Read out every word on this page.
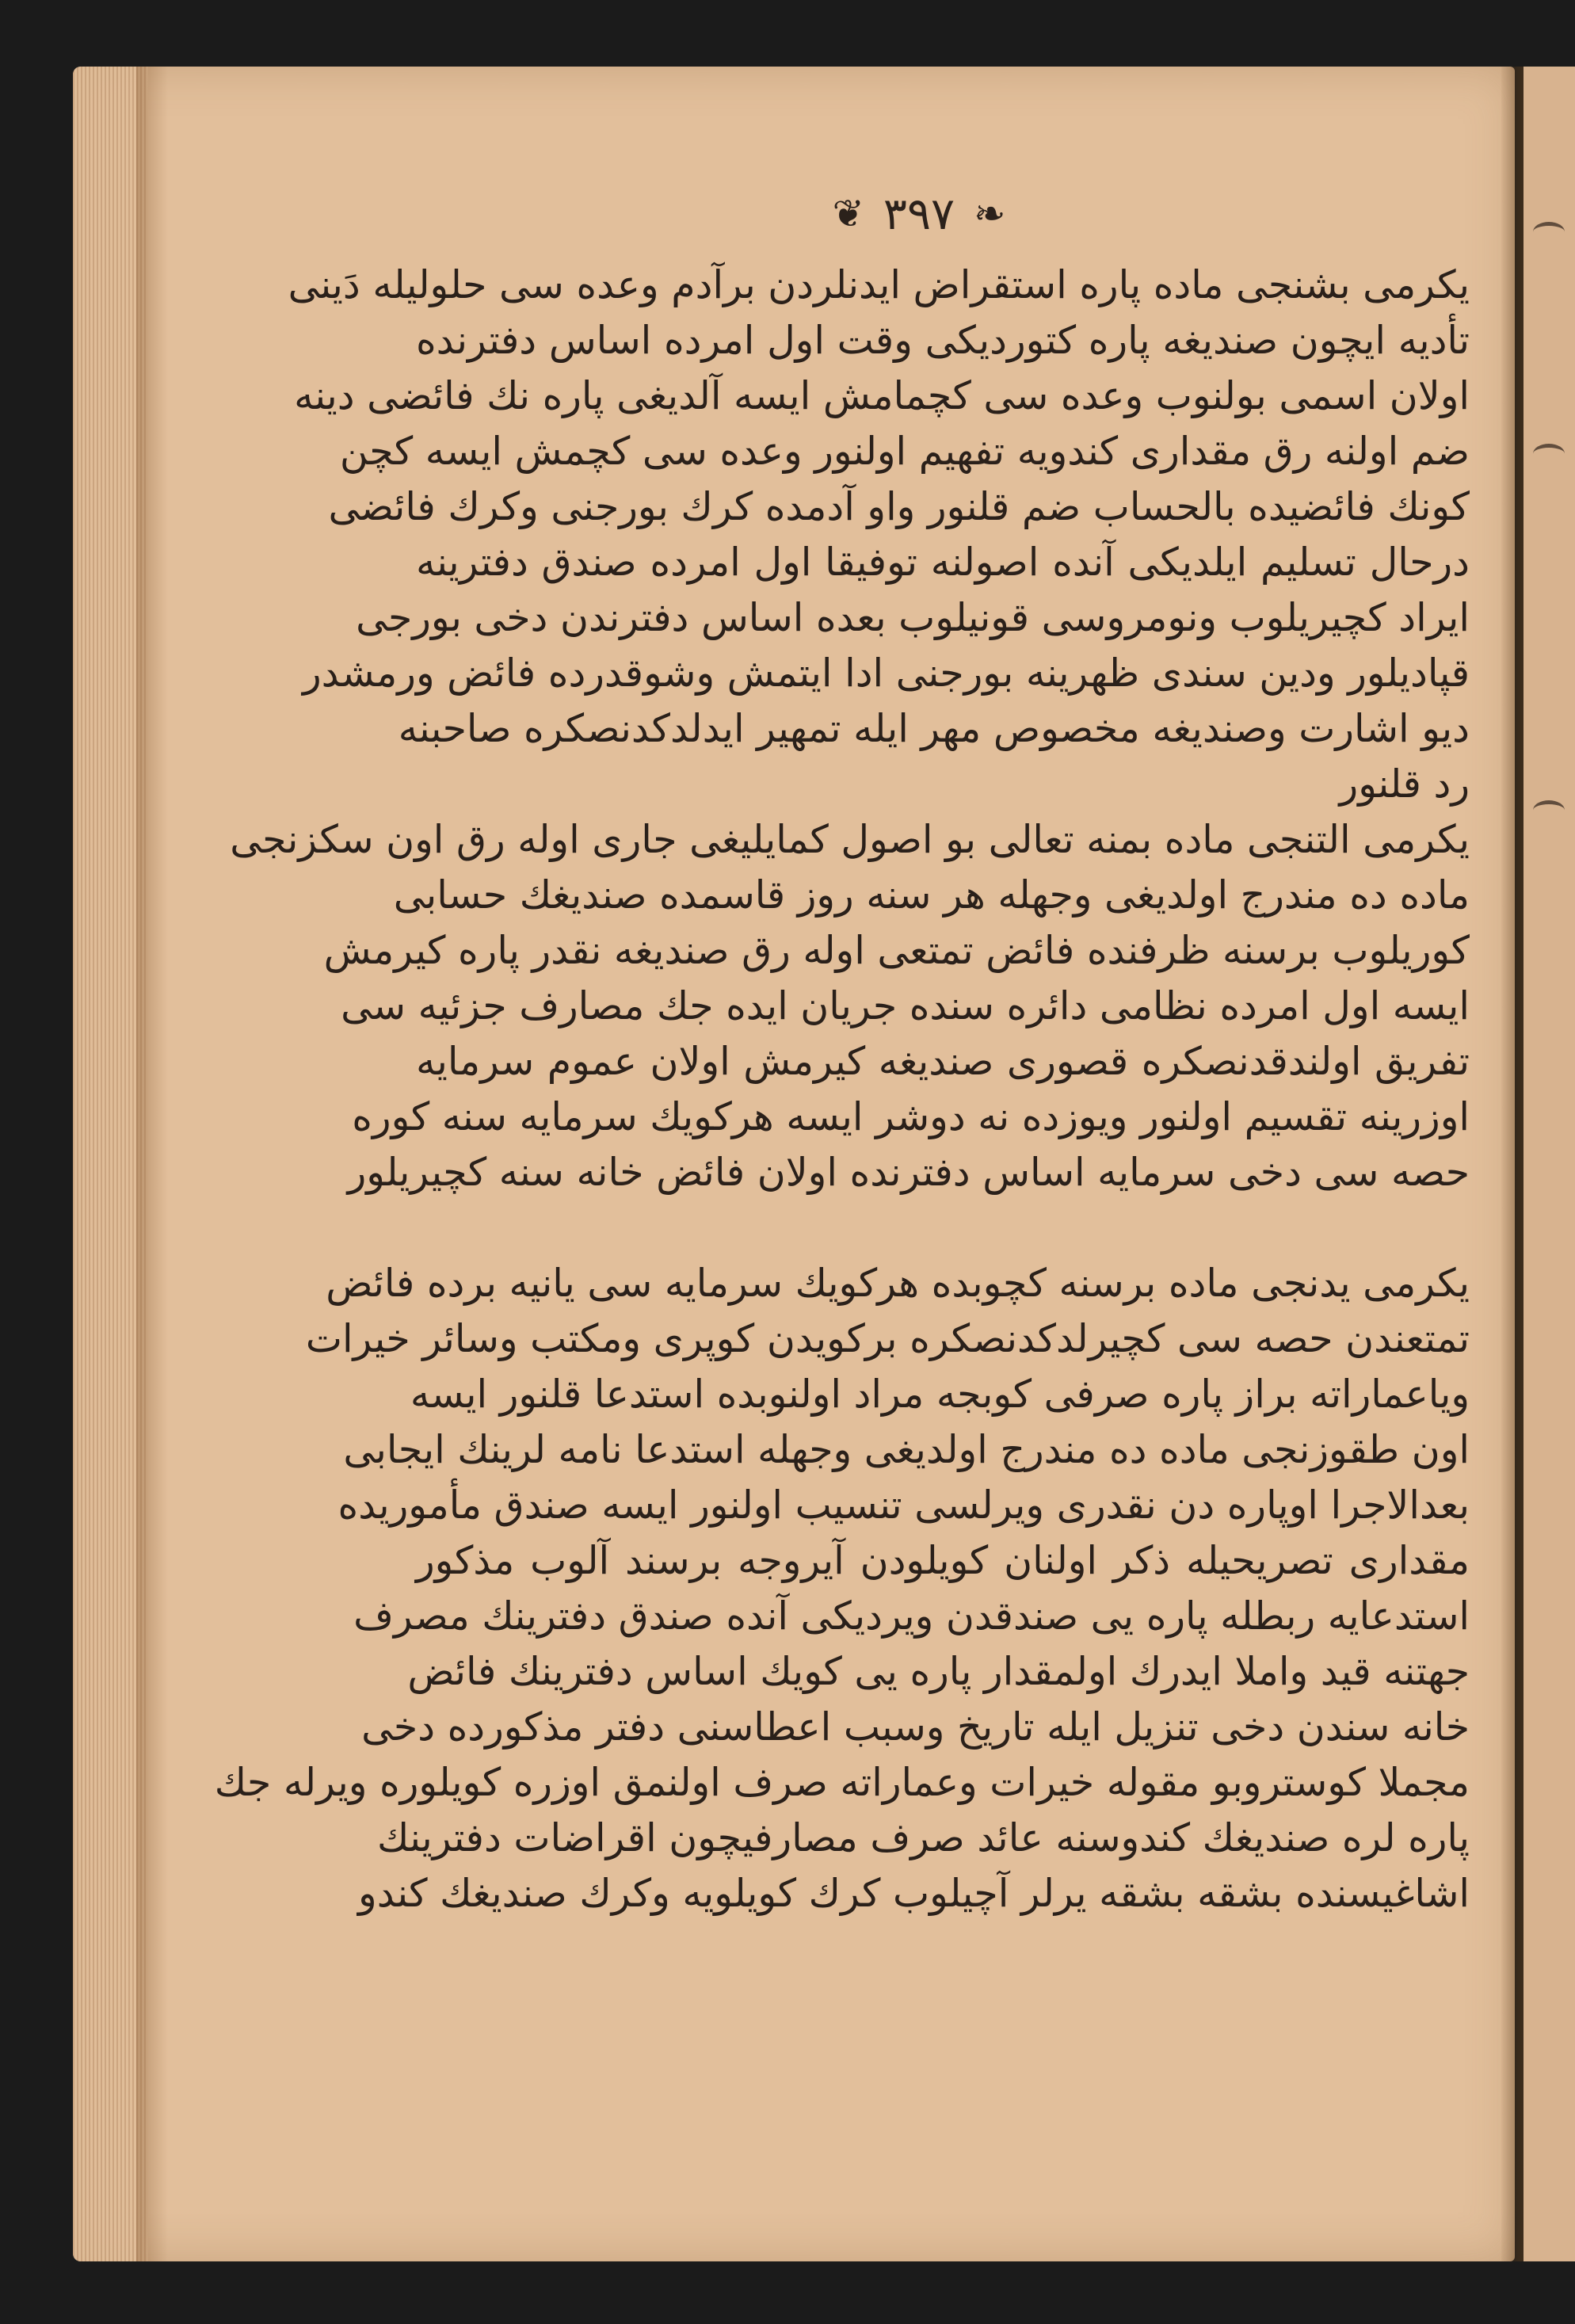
❦ ٣٩٧ ❧
یکرمی بشنجی ماده پاره استقراض ایدنلردن برآدم وعده سی حلولیله دَینی
تأدیه ایچون صندیغه پاره کتوردیکی وقت اول امرده اساس دفترنده
اولان اسمی بولنوب وعده سی کچمامش ایسه آلدیغی پاره نك فائضی دینه
ضم اولنه رق مقداری کندویه تفهیم اولنور وعده سی کچمش ایسه کچن
کونك فائضیده بالحساب ضم قلنور واو آدمده کرك بورجنی وکرك فائضی
درحال تسلیم ایلدیکی آنده اصولنه توفیقا اول امرده صندق دفترینه
ایراد کچیریلوب ونومروسی قونیلوب بعده اساس دفترندن دخی بورجی
قپادیلور ودین سندی ظهرینه بورجنی ادا ایتمش وشوقدرده فائض ورمشدر
دیو اشارت وصندیغه مخصوص مهر ایله تمهیر ایدلدکدنصکره صاحبنه
رد قلنور
یکرمی التنجی ماده بمنه تعالی بو اصول کمایلیغی جاری اوله رق اون سکزنجی
ماده ده مندرج اولدیغی وجهله هر سنه روز قاسمده صندیغك حسابی
کوریلوب برسنه ظرفنده فائض تمتعی اوله رق صندیغه نقدر پاره کیرمش
ایسه اول امرده نظامی دائره سنده جریان ایده جك مصارف جزئیه سی
تفریق اولندقدنصکره قصوری صندیغه کیرمش اولان عموم سرمایه
اوزرینه تقسیم اولنور ویوزده نه دوشر ایسه هرکویك سرمایه سنه کوره
حصه سی دخی سرمایه اساس دفترنده اولان فائض خانه سنه کچیریلور
یکرمی یدنجی ماده برسنه کچوبده هرکویك سرمایه سی یانیه برده فائض
تمتعندن حصه سی کچیرلدکدنصکره برکویدن کوپری ومکتب وسائر خیرات
ویاعماراته براز پاره صرفی کوبجه مراد اولنوبده استدعا قلنور ایسه
اون طقوزنجی ماده ده مندرج اولدیغی وجهله استدعا نامه لرینك ایجابی
بعدالاجرا اوپاره دن نقدری ویرلسی تنسیب اولنور ایسه صندق مأموریده
مقداری تصریحیله ذکر اولنان کویلودن آیروجه برسند آلوب مذکور
استدعایه ربطله پاره یی صندقدن ویردیکی آنده صندق دفترینك مصرف
جهتنه قید واملا ایدرك اولمقدار پاره یی کویك اساس دفترینك فائض
خانه سندن دخی تنزیل ایله تاریخ وسبب اعطاسنی دفتر مذکورده دخی
مجملا کوستروبو مقوله خیرات وعماراته صرف اولنمق اوزره کویلوره ویرله جك
پاره لره صندیغك کندوسنه عائد صرف مصارفیچون اقراضات دفترینك
اشاغیسنده بشقه بشقه یرلر آچیلوب کرك کویلویه وکرك صندیغك کندو
